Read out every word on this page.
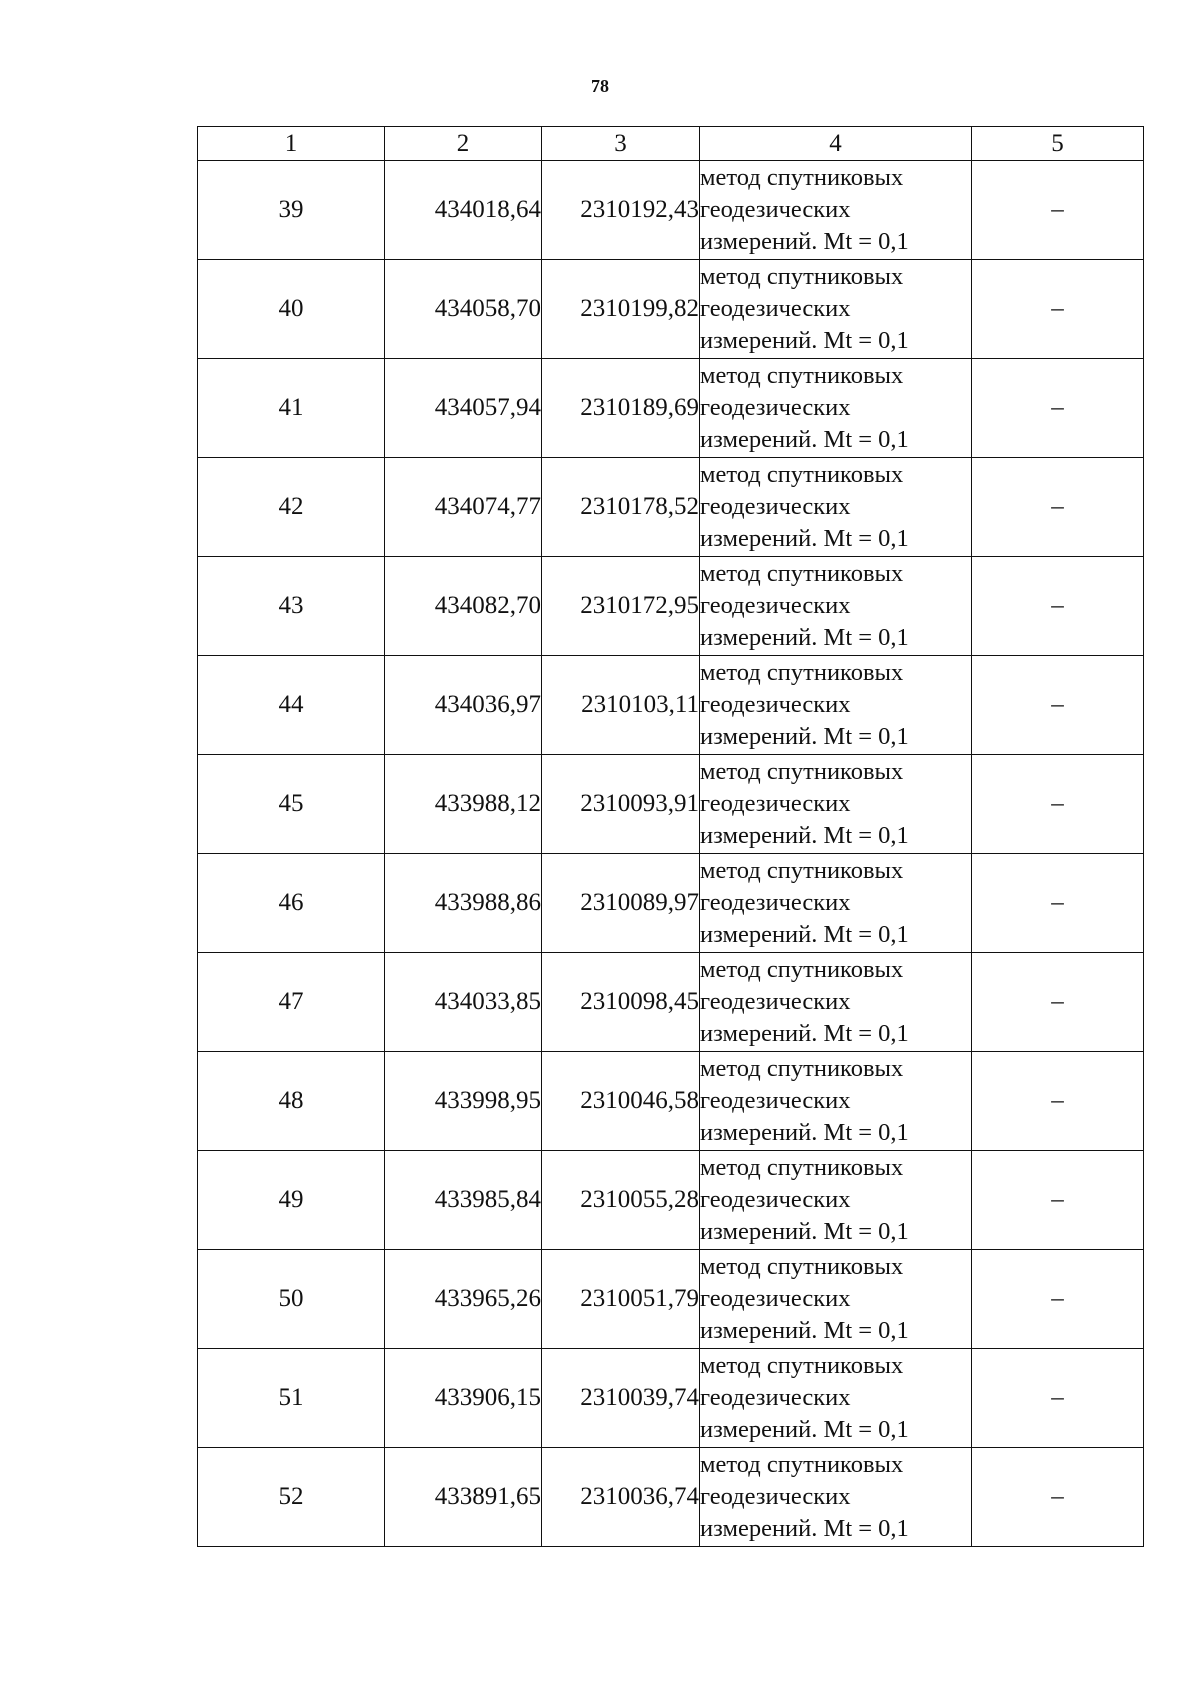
78
1	2	3	4	5
39	434018,64	2310192,43	метод спутниковых
геодезических
измерений. Mt = 0,1	–
40	434058,70	2310199,82	метод спутниковых
геодезических
измерений. Mt = 0,1	–
41	434057,94	2310189,69	метод спутниковых
геодезических
измерений. Mt = 0,1	–
42	434074,77	2310178,52	метод спутниковых
геодезических
измерений. Mt = 0,1	–
43	434082,70	2310172,95	метод спутниковых
геодезических
измерений. Mt = 0,1	–
44	434036,97	2310103,11	метод спутниковых
геодезических
измерений. Mt = 0,1	–
45	433988,12	2310093,91	метод спутниковых
геодезических
измерений. Mt = 0,1	–
46	433988,86	2310089,97	метод спутниковых
геодезических
измерений. Mt = 0,1	–
47	434033,85	2310098,45	метод спутниковых
геодезических
измерений. Mt = 0,1	–
48	433998,95	2310046,58	метод спутниковых
геодезических
измерений. Mt = 0,1	–
49	433985,84	2310055,28	метод спутниковых
геодезических
измерений. Mt = 0,1	–
50	433965,26	2310051,79	метод спутниковых
геодезических
измерений. Mt = 0,1	–
51	433906,15	2310039,74	метод спутниковых
геодезических
измерений. Mt = 0,1	–
52	433891,65	2310036,74	метод спутниковых
геодезических
измерений. Mt = 0,1	–
